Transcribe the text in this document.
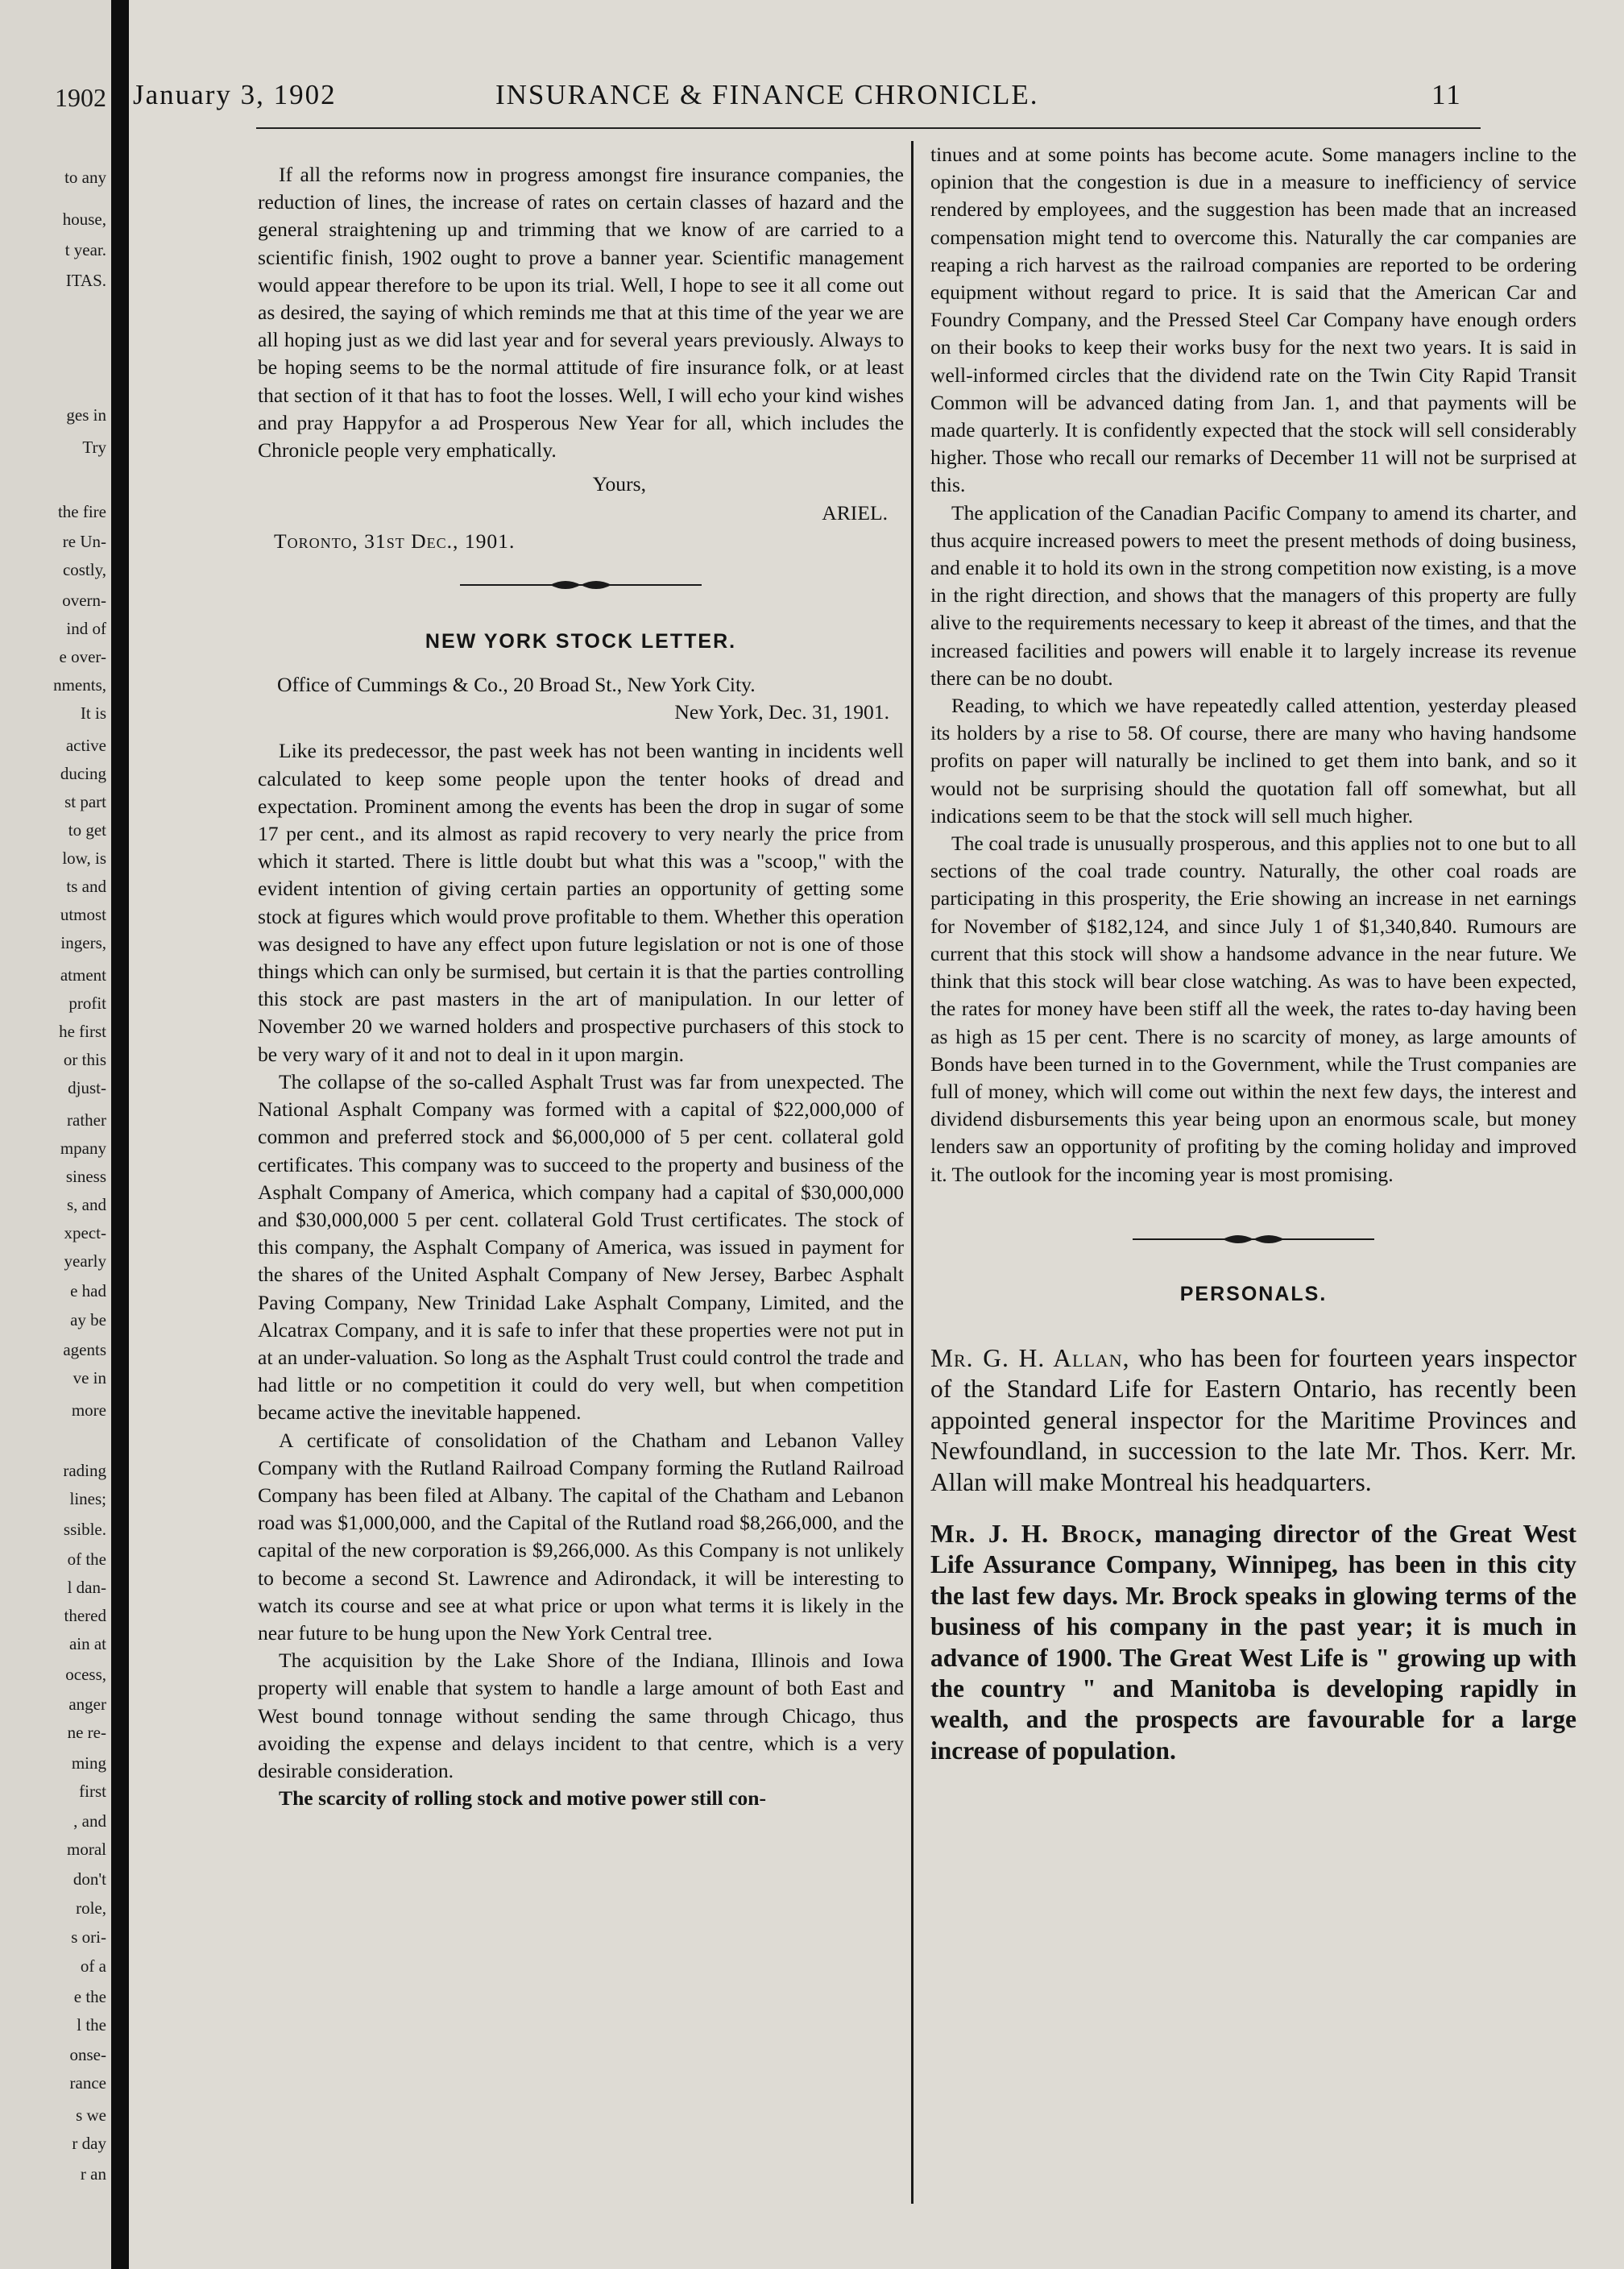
1902
to any
house,
t year.
ITAS.
ges in
Try
the fire
re Un-
costly,
overn-
ind of
e over-
nments,
It is
active
ducing
st part
to get
low, is
ts and
utmost
ingers,
atment
profit
he first
or this
djust-
rather
mpany
siness
s, and
xpect-
yearly
e had
ay be
agents
ve in
more
rading
lines;
ssible.
of the
l dan-
thered
ain at
ocess,
anger
ne re-
ming
first
, and
moral
don't
role,
s ori-
of a
e the
l the
onse-
rance
s we
r day
r an
January 3, 1902	INSURANCE & FINANCE CHRONICLE.	11

If all the reforms now in progress amongst fire insurance companies, the reduction of lines, the increase of rates on certain classes of hazard and the general straightening up and trimming that we know of are carried to a scientific finish, 1902 ought to prove a banner year. Scientific management would appear therefore to be upon its trial. Well, I hope to see it all come out as desired, the saying of which reminds me that at this time of the year we are all hoping just as we did last year and for several years previously. Always to be hoping seems to be the normal attitude of fire insurance folk, or at least that section of it that has to foot the losses. Well, I will echo your kind wishes and pray Happyfor a ad Prosperous New Year for all, which includes the Chronicle people very emphatically.

Yours,
ARIEL.
Toronto, 31st Dec., 1901.
NEW YORK STOCK LETTER.
Office of Cummings & Co., 20 Broad St., New York City.
New York, Dec. 31, 1901.

Like its predecessor, the past week has not been wanting in incidents well calculated to keep some people upon the tenter hooks of dread and expectation. Prominent among the events has been the drop in sugar of some 17 per cent., and its almost as rapid recovery to very nearly the price from which it started. There is little doubt but what this was a "scoop," with the evident intention of giving certain parties an opportunity of getting some stock at figures which would prove profitable to them. Whether this operation was designed to have any effect upon future legislation or not is one of those things which can only be surmised, but certain it is that the parties controlling this stock are past masters in the art of manipulation. In our letter of November 20 we warned holders and prospective purchasers of this stock to be very wary of it and not to deal in it upon margin.

The collapse of the so-called Asphalt Trust was far from unexpected. The National Asphalt Company was formed with a capital of $22,000,000 of common and preferred stock and $6,000,000 of 5 per cent. collateral gold certificates. This company was to succeed to the property and business of the Asphalt Company of America, which company had a capital of $30,000,000 and $30,000,000 5 per cent. collateral Gold Trust certificates. The stock of this company, the Asphalt Company of America, was issued in payment for the shares of the United Asphalt Company of New Jersey, Barbec Asphalt Paving Company, New Trinidad Lake Asphalt Company, Limited, and the Alcatrax Company, and it is safe to infer that these properties were not put in at an under-valuation. So long as the Asphalt Trust could control the trade and had little or no competition it could do very well, but when competition became active the inevitable happened.

A certificate of consolidation of the Chatham and Lebanon Valley Company with the Rutland Railroad Company forming the Rutland Railroad Company has been filed at Albany. The capital of the Chatham and Lebanon road was $1,000,000, and the Capital of the Rutland road $8,266,000, and the capital of the new corporation is $9,266,000. As this Company is not unlikely to become a second St. Lawrence and Adirondack, it will be interesting to watch its course and see at what price or upon what terms it is likely in the near future to be hung upon the New York Central tree.

The acquisition by the Lake Shore of the Indiana, Illinois and Iowa property will enable that system to handle a large amount of both East and West bound tonnage without sending the same through Chicago, thus avoiding the expense and delays incident to that centre, which is a very desirable consideration.

The scarcity of rolling stock and motive power still con-

tinues and at some points has become acute. Some managers incline to the opinion that the congestion is due in a measure to inefficiency of service rendered by employees, and the suggestion has been made that an increased compensation might tend to overcome this. Naturally the car companies are reaping a rich harvest as the railroad companies are reported to be ordering equipment without regard to price. It is said that the American Car and Foundry Company, and the Pressed Steel Car Company have enough orders on their books to keep their works busy for the next two years. It is said in well-informed circles that the dividend rate on the Twin City Rapid Transit Common will be advanced dating from Jan. 1, and that payments will be made quarterly. It is confidently expected that the stock will sell considerably higher. Those who recall our remarks of December 11 will not be surprised at this.

The application of the Canadian Pacific Company to amend its charter, and thus acquire increased powers to meet the present methods of doing business, and enable it to hold its own in the strong competition now existing, is a move in the right direction, and shows that the managers of this property are fully alive to the requirements necessary to keep it abreast of the times, and that the increased facilities and powers will enable it to largely increase its revenue there can be no doubt.

Reading, to which we have repeatedly called attention, yesterday pleased its holders by a rise to 58. Of course, there are many who having handsome profits on paper will naturally be inclined to get them into bank, and so it would not be surprising should the quotation fall off somewhat, but all indications seem to be that the stock will sell much higher.

The coal trade is unusually prosperous, and this applies not to one but to all sections of the coal trade country. Naturally, the other coal roads are participating in this prosperity, the Erie showing an increase in net earnings for November of $182,124, and since July 1 of $1,340,840. Rumours are current that this stock will show a handsome advance in the near future. We think that this stock will bear close watching. As was to have been expected, the rates for money have been stiff all the week, the rates to-day having been as high as 15 per cent. There is no scarcity of money, as large amounts of Bonds have been turned in to the Government, while the Trust companies are full of money, which will come out within the next few days, the interest and dividend disbursements this year being upon an enormous scale, but money lenders saw an opportunity of profiting by the coming holiday and improved it. The outlook for the incoming year is most promising.

PERSONALS.

Mr. G. H. Allan, who has been for fourteen years inspector of the Standard Life for Eastern Ontario, has recently been appointed general inspector for the Maritime Provinces and Newfoundland, in succession to the late Mr. Thos. Kerr. Mr. Allan will make Montreal his headquarters.

Mr. J. H. Brock, managing director of the Great West Life Assurance Company, Winnipeg, has been in this city the last few days. Mr. Brock speaks in glowing terms of the business of his company in the past year; it is much in advance of 1900. The Great West Life is " growing up with the country " and Manitoba is developing rapidly in wealth, and the prospects are favourable for a large increase of population.
